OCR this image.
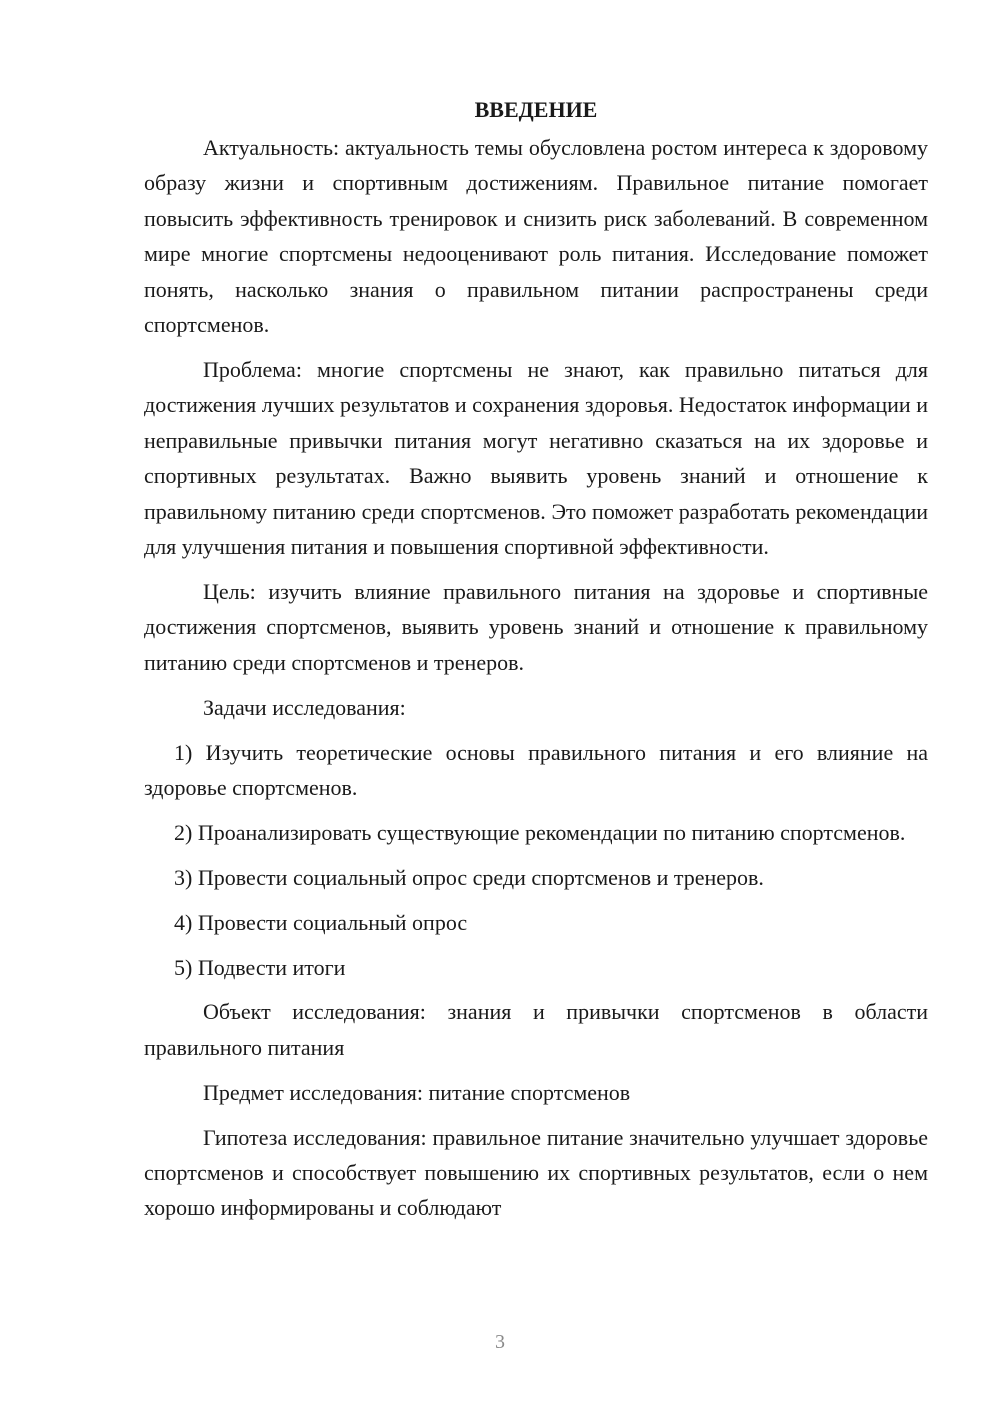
ВВЕДЕНИЕ

Актуальность: актуальность темы обусловлена ростом интереса к здоровому образу жизни и спортивным достижениям. Правильное питание помогает повысить эффективность тренировок и снизить риск заболеваний. В современном мире многие спортсмены недооценивают роль питания. Исследование поможет понять, насколько знания о правильном питании распространены среди спортсменов.

Проблема: многие спортсмены не знают, как правильно питаться для достижения лучших результатов и сохранения здоровья. Недостаток информации и неправильные привычки питания могут негативно сказаться на их здоровье и спортивных результатах. Важно выявить уровень знаний и отношение к правильному питанию среди спортсменов. Это поможет разработать рекомендации для улучшения питания и повышения спортивной эффективности.

Цель: изучить влияние правильного питания на здоровье и спортивные достижения спортсменов, выявить уровень знаний и отношение к правильному питанию среди спортсменов и тренеров.

Задачи исследования:

1) Изучить теоретические основы правильного питания и его влияние на здоровье спортсменов.

2) Проанализировать существующие рекомендации по питанию спортсменов.

3) Провести социальный опрос среди спортсменов и тренеров.

4) Провести социальный опрос

5) Подвести итоги

Объект исследования: знания и привычки спортсменов в области правильного питания

Предмет исследования: питание спортсменов

Гипотеза исследования: правильное питание значительно улучшает здоровье спортсменов и способствует повышению их спортивных результатов, если о нем хорошо информированы и соблюдают

3
